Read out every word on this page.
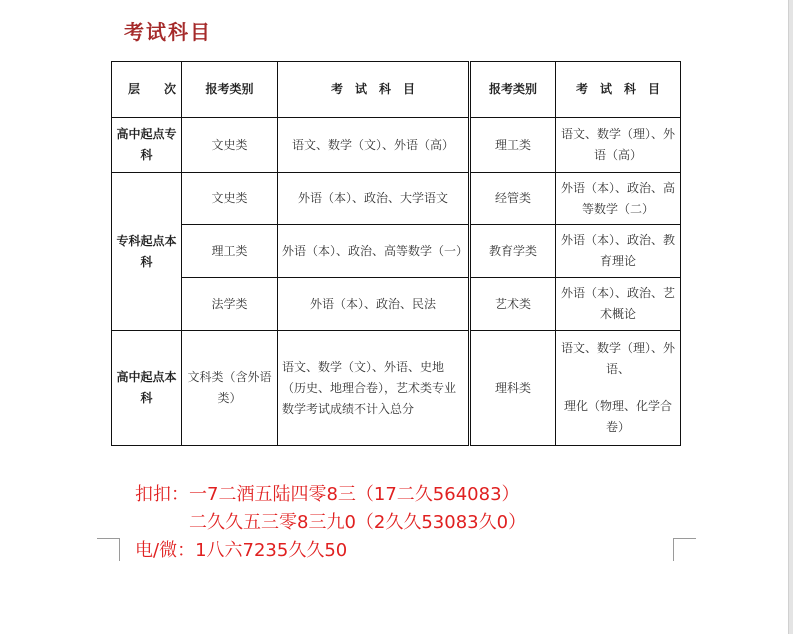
考试科目
层　　次	报考类别	考　试　科　目	报考类别	考　试　科　目
高中起点专科	文史类	语文、数学（文）、外语（高）	理工类	语文、数学（理）、外语（高）
专科起点本科	文史类	外语（本）、政治、大学语文	经管类	外语（本）、政治、高等数学（二）
	理工类	外语（本）、政治、高等数学（一）	教育学类	外语（本）、政治、教育理论
	法学类	外语（本）、政治、民法	艺术类	外语（本）、政治、艺术概论
高中起点本科	文科类（含外语类）	语文、数学（文）、外语、史地（历史、地理合卷），艺术类专业数学考试成绩不计入总分	理科类	语文、数学（理）、外语、
理化（物理、化学合卷）
扣扣：一7二酒五陆四零8三（17二久564083）
二久久五三零8三九0（2久久53083久0）
电/微：1八六7235久久50
